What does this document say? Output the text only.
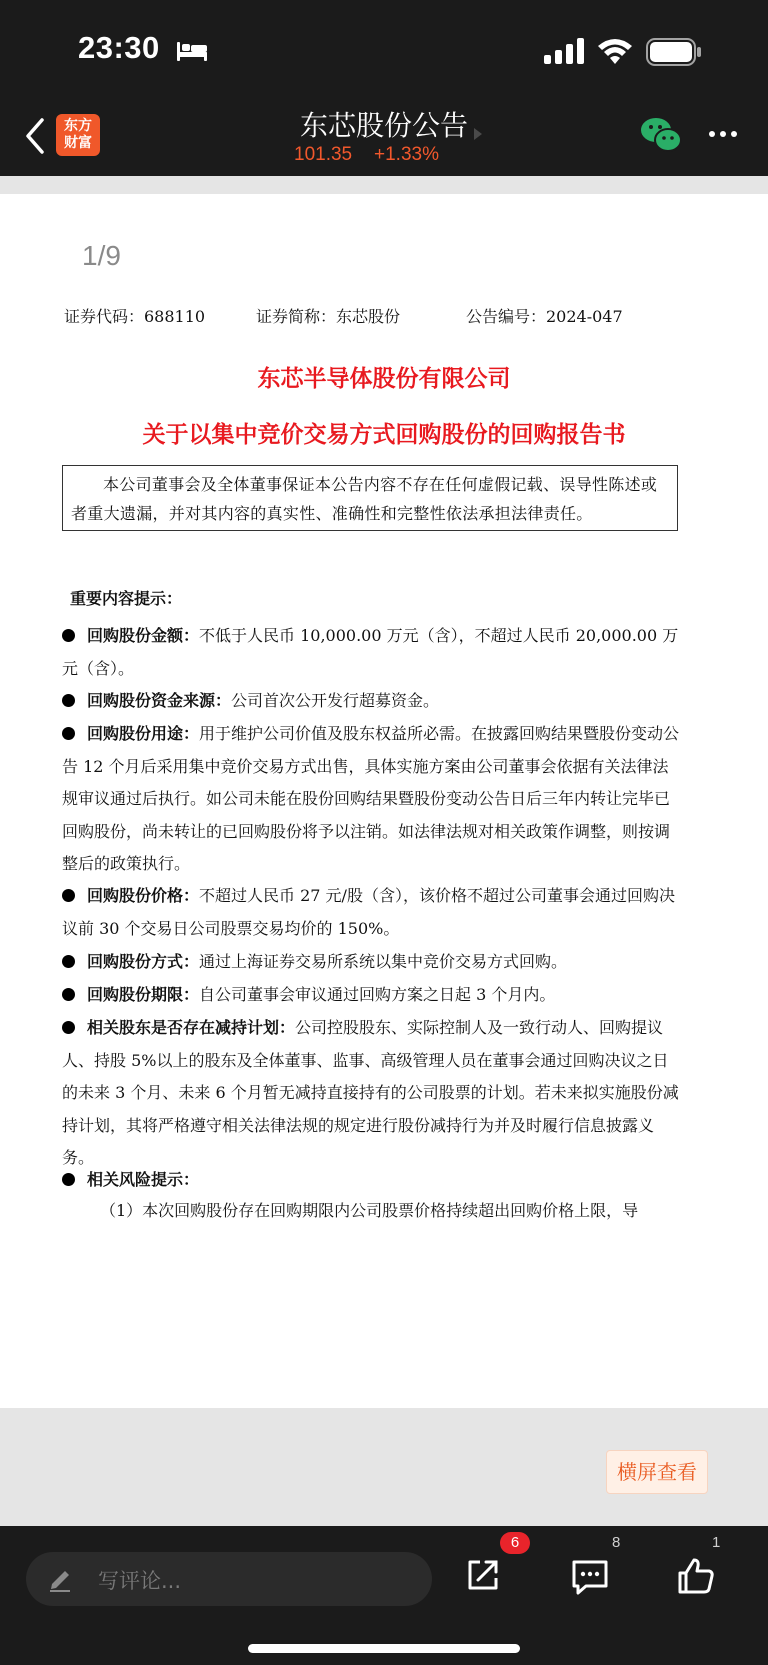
23:30
东方
财富
东芯股份公告
101.35 +1.33%
1/9
证券代码：688110	证券简称：东芯股份	公告编号：2024-047
东芯半导体股份有限公司
关于以集中竞价交易方式回购股份的回购报告书
本公司董事会及全体董事保证本公告内容不存在任何虚假记载、误导性陈述或者重大遗漏，并对其内容的真实性、准确性和完整性依法承担法律责任。
重要内容提示：
回购股份金额：不低于人民币 10,000.00 万元（含），不超过人民币 20,000.00 万元（含）。
回购股份资金来源：公司首次公开发行超募资金。
回购股份用途：用于维护公司价值及股东权益所必需。在披露回购结果暨股份变动公告 12 个月后采用集中竞价交易方式出售，具体实施方案由公司董事会依据有关法律法规审议通过后执行。如公司未能在股份回购结果暨股份变动公告日后三年内转让完毕已回购股份，尚未转让的已回购股份将予以注销。如法律法规对相关政策作调整，则按调整后的政策执行。
回购股份价格：不超过人民币 27 元/股（含），该价格不超过公司董事会通过回购决议前 30 个交易日公司股票交易均价的 150%。
回购股份方式：通过上海证券交易所系统以集中竞价交易方式回购。
回购股份期限：自公司董事会审议通过回购方案之日起 3 个月内。
相关股东是否存在减持计划：公司控股股东、实际控制人及一致行动人、回购提议人、持股 5%以上的股东及全体董事、监事、高级管理人员在董事会通过回购决议之日的未来 3 个月、未来 6 个月暂无减持直接持有的公司股票的计划。若未来拟实施股份减持计划，其将严格遵守相关法律法规的规定进行股份减持行为并及时履行信息披露义务。
相关风险提示：
（1）本次回购股份存在回购期限内公司股票价格持续超出回购价格上限，导
横屏查看
写评论...
6	8	1
